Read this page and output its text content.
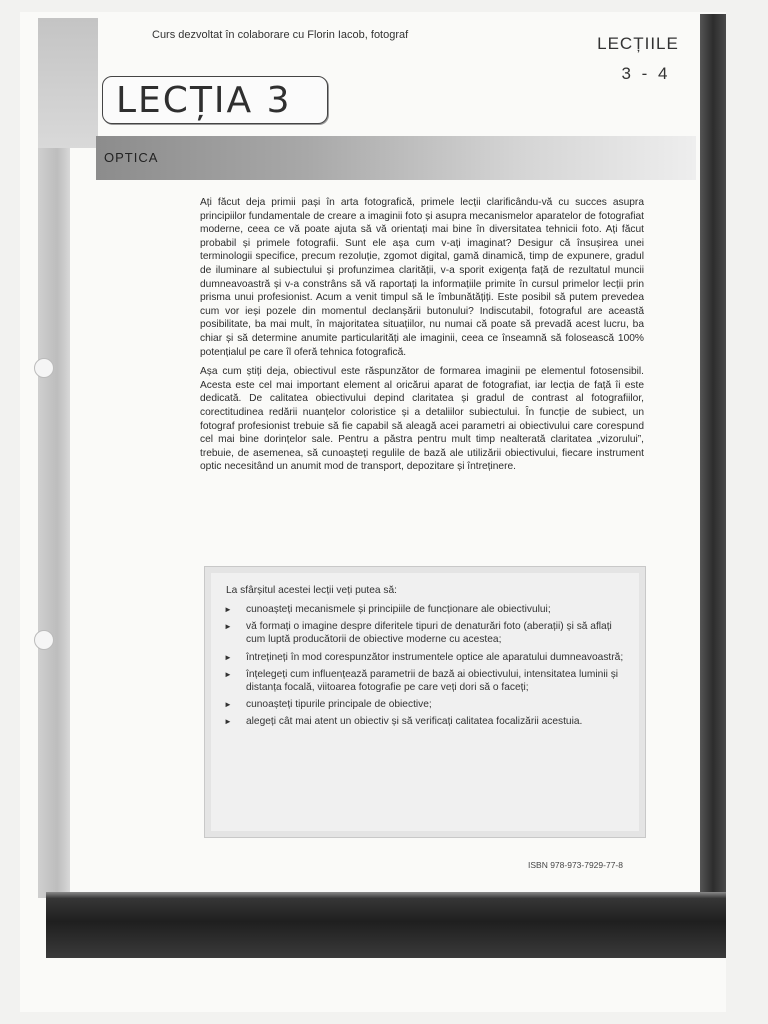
Curs dezvoltat în colaborare cu Florin Iacob, fotograf	LECȚIILE
3 - 4
LECȚIA 3
OPTICA

Ați făcut deja primii pași în arta fotografică, primele lecții clarificându-vă cu succes asupra principiilor fundamentale de creare a imaginii foto și asupra mecanismelor aparatelor de fotografiat moderne, ceea ce vă poate ajuta să vă orientați mai bine în diversitatea tehnicii foto. Ați făcut probabil și primele fotografii. Sunt ele așa cum v-ați imaginat? Desigur că însușirea unei terminologii specifice, precum rezoluție, zgomot digital, gamă dinamică, timp de expunere, gradul de iluminare al subiectului și profunzimea clarității, v-a sporit exigența față de rezultatul muncii dumneavoastră și v-a constrâns să vă raportați la informațiile primite în cursul primelor lecții prin prisma unui profesionist. Acum a venit timpul să le îmbunătățiți. Este posibil să putem prevedea cum vor ieși pozele din momentul declanșării butonului? Indiscutabil, fotograful are această posibilitate, ba mai mult, în majoritatea situațiilor, nu numai că poate să prevadă acest lucru, ba chiar și să determine anumite particularități ale imaginii, ceea ce înseamnă să folosească 100% potențialul pe care îl oferă tehnica fotografică.

Așa cum știți deja, obiectivul este răspunzător de formarea imaginii pe elementul fotosensibil. Acesta este cel mai important element al oricărui aparat de fotografiat, iar lecția de față îi este dedicată. De calitatea obiectivului depind claritatea și gradul de contrast al fotografiilor, corectitudinea redării nuanțelor coloristice și a detaliilor subiectului. În funcție de subiect, un fotograf profesionist trebuie să fie capabil să aleagă acei parametri ai obiectivului care corespund cel mai bine dorințelor sale. Pentru a păstra pentru mult timp nealterată claritatea „vizorului”, trebuie, de asemenea, să cunoașteți regulile de bază ale utilizării obiectivului, fiecare instrument optic necesitând un anumit mod de transport, depozitare și întreținere.

La sfârșitul acestei lecții veți putea să:
► cunoașteți mecanismele și principiile de funcționare ale obiectivului;
► vă formați o imagine despre diferitele tipuri de denaturări foto (aberații) și să aflați cum luptă producătorii de obiective moderne cu acestea;
► întrețineți în mod corespunzător instrumentele optice ale aparatului dumneavoastră;
► înțelegeți cum influențează parametrii de bază ai obiectivului, intensitatea luminii și distanța focală, viitoarea fotografie pe care veți dori să o faceți;
► cunoașteți tipurile principale de obiective;
► alegeți cât mai atent un obiectiv și să verificați calitatea focalizării acestuia.
ISBN 978-973-7929-77-8
